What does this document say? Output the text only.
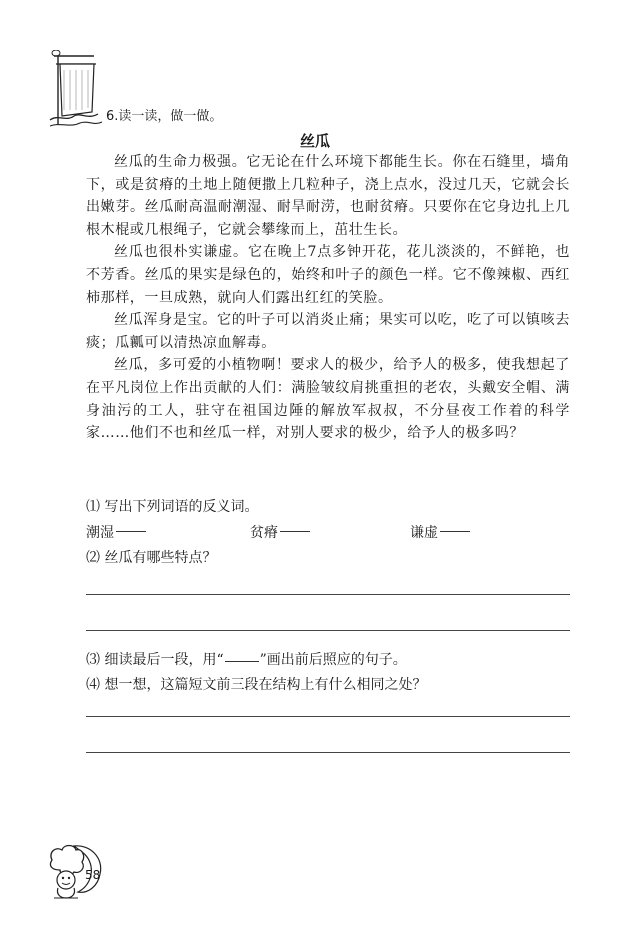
6.读一读，做一做。
丝瓜

丝瓜的生命力极强。它无论在什么环境下都能生长。你在石缝里，墙角下，或是贫瘠的土地上随便撒上几粒种子，浇上点水，没过几天，它就会长出嫩芽。丝瓜耐高温耐潮湿、耐旱耐涝，也耐贫瘠。只要你在它身边扎上几根木棍或几根绳子，它就会攀缘而上，茁壮生长。

丝瓜也很朴实谦虚。它在晚上7点多钟开花，花儿淡淡的，不鲜艳，也不芳香。丝瓜的果实是绿色的，始终和叶子的颜色一样。它不像辣椒、西红柿那样，一旦成熟，就向人们露出红红的笑脸。

丝瓜浑身是宝。它的叶子可以消炎止痛；果实可以吃，吃了可以镇咳去痰；瓜瓤可以清热凉血解毒。

丝瓜，多可爱的小植物啊！要求人的极少，给予人的极多，使我想起了在平凡岗位上作出贡献的人们：满脸皱纹肩挑重担的老农，头戴安全帽、满身油污的工人，驻守在祖国边陲的解放军叔叔，不分昼夜工作着的科学家……他们不也和丝瓜一样，对别人要求的极少，给予人的极多吗？

⑴ 写出下列词语的反义词。
潮湿	贫瘠	谦虚
⑵ 丝瓜有哪些特点？
⑶ 细读最后一段，用“	”画出前后照应的句子。
⑷ 想一想，这篇短文前三段在结构上有什么相同之处？
58
